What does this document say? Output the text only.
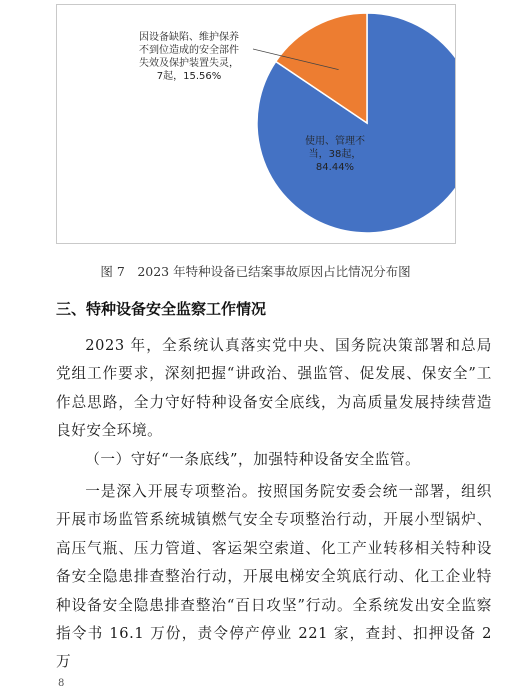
使用、管理不
当，38起，
84.44%
因设备缺陷、维护保养
不到位造成的安全部件
失效及保护装置失灵，
7起，15.56%
图 7　2023 年特种设备已结案事故原因占比情况分布图
三、特种设备安全监察工作情况
2023 年，全系统认真落实党中央、国务院决策部署和总局党组工作要求，深刻把握“讲政治、强监管、促发展、保安全”工作总思路，全力守好特种设备安全底线，为高质量发展持续营造良好安全环境。
（一）守好“一条底线”，加强特种设备安全监管。
一是深入开展专项整治。按照国务院安委会统一部署，组织开展市场监管系统城镇燃气安全专项整治行动，开展小型锅炉、高压气瓶、压力管道、客运架空索道、化工产业转移相关特种设备安全隐患排查整治行动，开展电梯安全筑底行动、化工企业特种设备安全隐患排查整治“百日攻坚”行动。全系统发出安全监察指令书 16.1 万份，责令停产停业 221 家，查封、扣押设备 2 万
8
